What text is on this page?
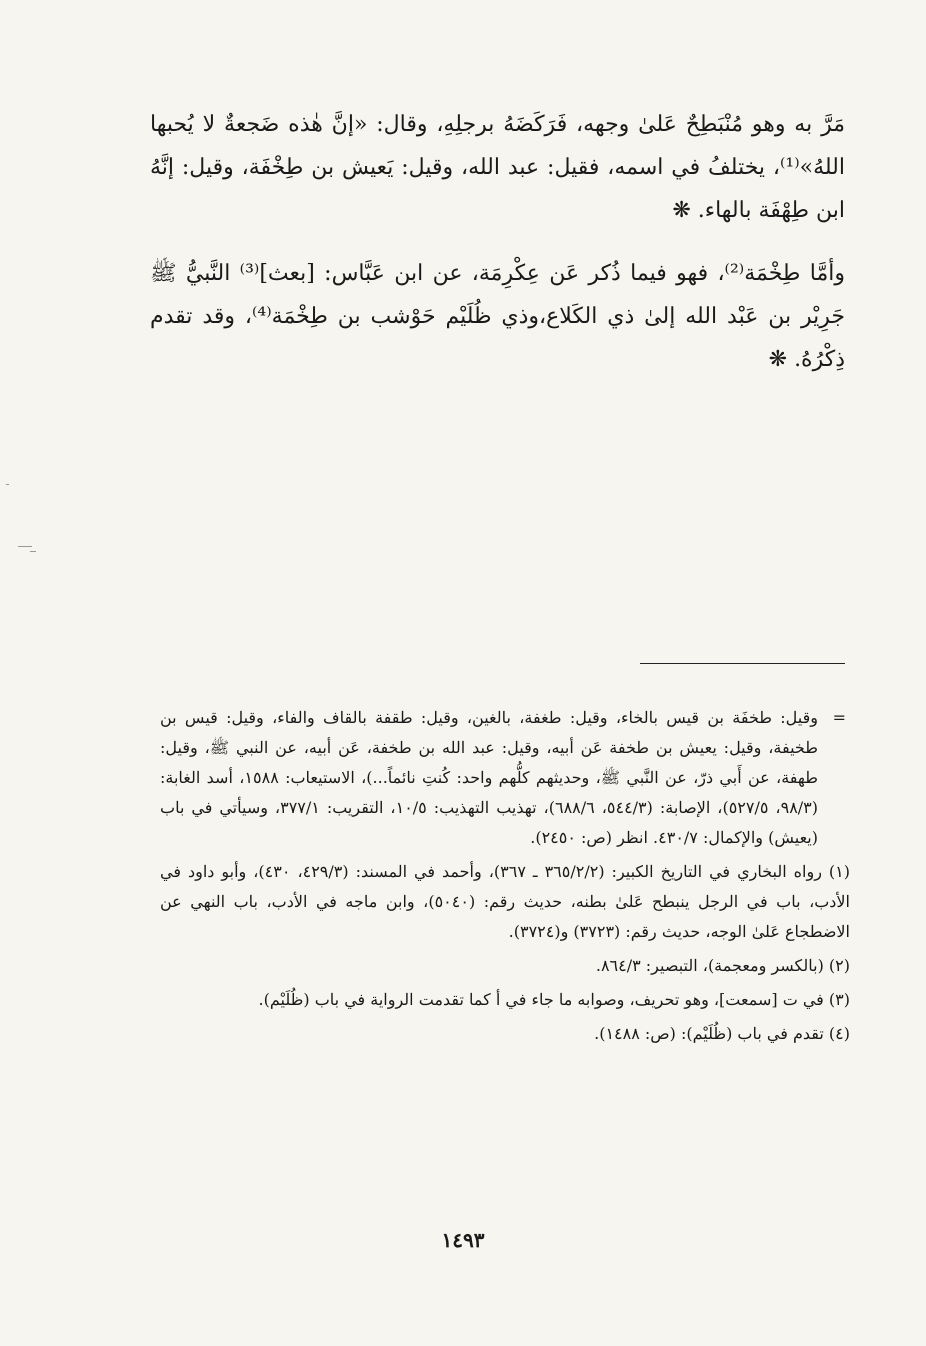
مَرَّ به وهو مُنْبَطِحٌ عَلىٰ وجهه، فَرَكَضَهُ برجلِهِ، وقال: «إنَّ هٰذه ضَجعةٌ لا يُحبها اللهُ»⁽¹⁾، يختلفُ في اسمه، فقيل: عبد الله، وقيل: يَعيش بن طِخْفَة، وقيل: إنَّهُ ابن طِهْفَة بالهاء. ❋

وأمَّا طِخْمَة⁽²⁾، فهو فيما ذُكر عَن عِكْرِمَة، عن ابن عَبَّاس: [بعث]⁽³⁾ النَّبيُّ ﷺ جَرِيْر بن عَبْد الله إلىٰ ذي الكَلاع،وذي ظُلَيْم حَوْشب بن طِخْمَة⁽⁴⁾، وقد تقدم ذِكْرُهُ. ❋

=
وقيل: طخفَة بن قيس بالخاء، وقيل: طغفة، بالغين، وقيل: طقفة بالقاف والفاء، وقيل: قيس بن طخيفة، وقيل: يعيش بن طخفة عَن أبيه، وقيل: عبد الله بن طخفة، عَن أبيه، عن النبي ﷺ، وقيل: طهفة، عن أَبي ذرّ، عن النَّبي ﷺ، وحديثهم كلُّهم واحد: كُنتِ نائماً...)، الاستيعاب: ١٥٨٨، أسد الغابة: (٩٨/٣، ٥٢٧/٥)، الإصابة: (٥٤٤/٣، ٦٨٨/٦)، تهذيب التهذيب: ١٠/٥، التقريب: ٣٧٧/١، وسيأتي في باب (يعيش) والإكمال: ٤٣٠/٧. انظر (ص: ٢٤٥٠).

(١) رواه البخاري في التاريخ الكبير: (٣٦٥/٢/٢ ـ ٣٦٧)، وأحمد في المسند: (٤٢٩/٣، ٤٣٠)، وأبو داود في الأدب، باب في الرجل ينبطح عَلىٰ بطنه، حديث رقم: (٥٠٤٠)، وابن ماجه في الأدب، باب النهي عن الاضطجاع عَلىٰ الوجه، حديث رقم: (٣٧٢٣) و(٣٧٢٤).

(٢) (بالكسر ومعجمة)، التبصير: ٨٦٤/٣.

(٣) في ت [سمعت]، وهو تحريف، وصوابه ما جاء في أ كما تقدمت الرواية في باب (ظُلَيْم).

(٤) تقدم في باب (ظُلَيْم): (ص: ١٤٨٨).

١٤٩٣
